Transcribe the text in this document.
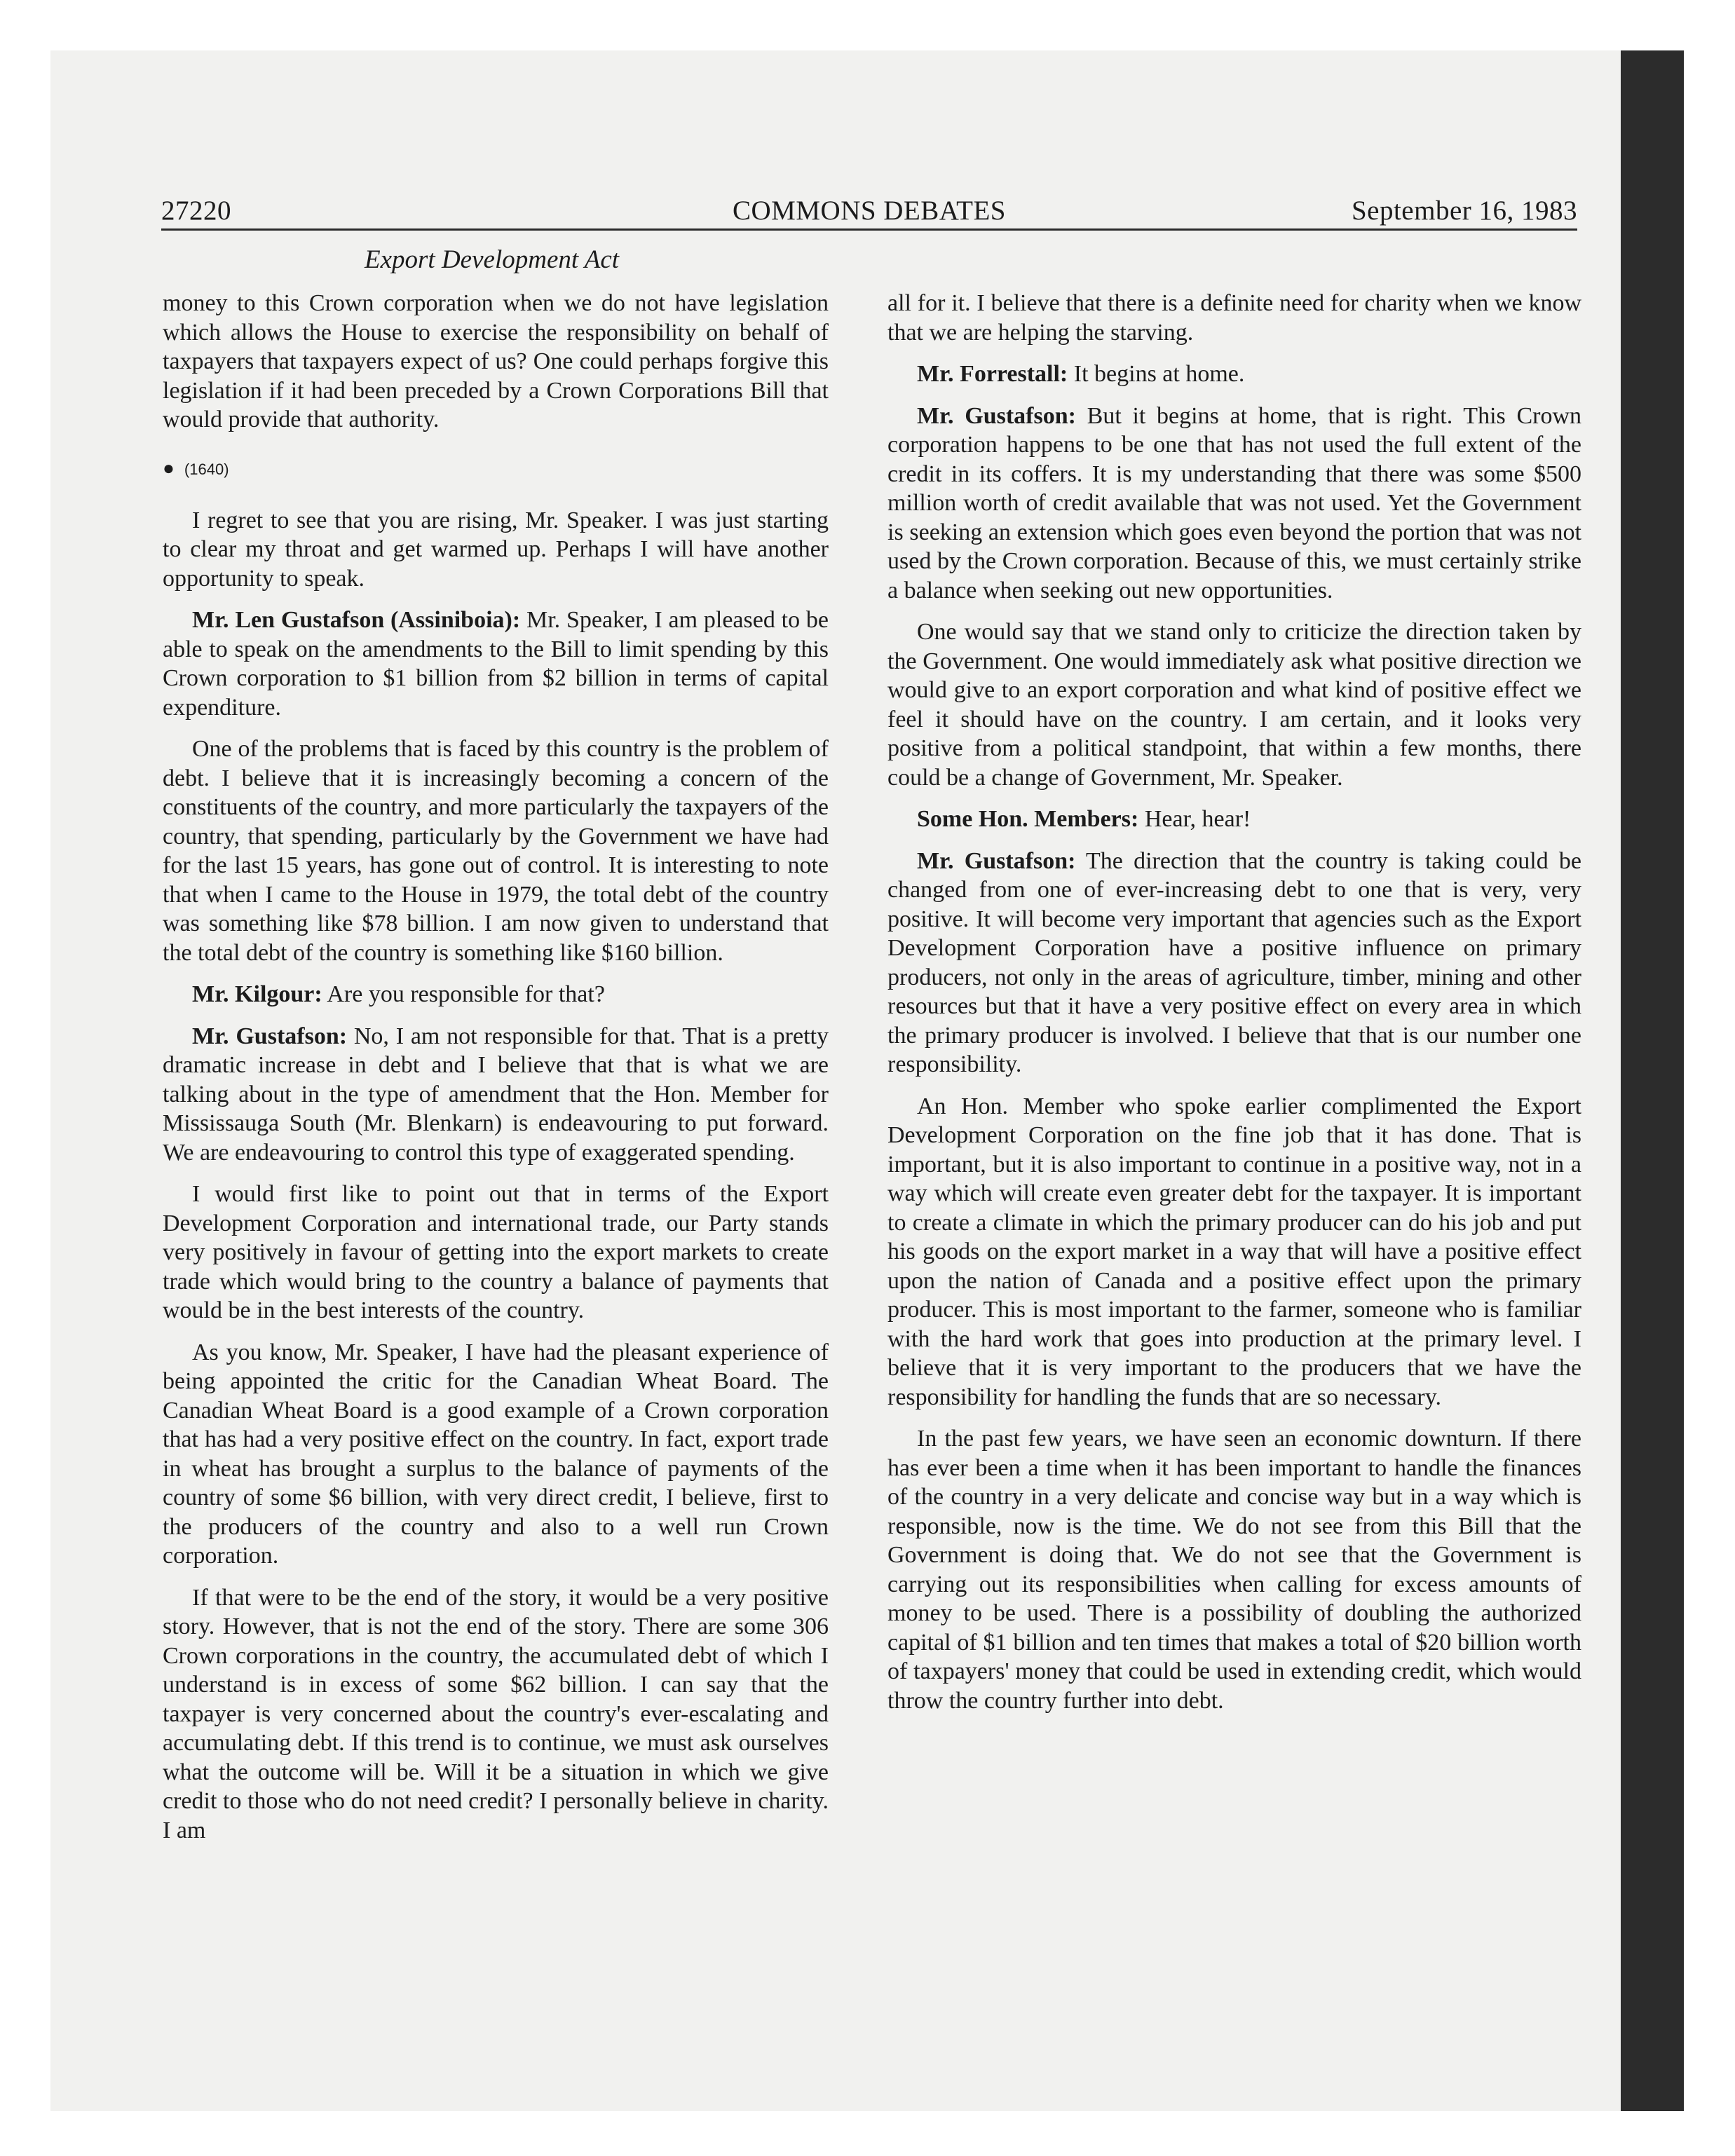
27220	COMMONS DEBATES	September 16, 1983
Export Development Act

money to this Crown corporation when we do not have legislation which allows the House to exercise the responsibility on behalf of taxpayers that taxpayers expect of us? One could perhaps forgive this legislation if it had been preceded by a Crown Corporations Bill that would provide that authority.

● (1640)

I regret to see that you are rising, Mr. Speaker. I was just starting to clear my throat and get warmed up. Perhaps I will have another opportunity to speak.

Mr. Len Gustafson (Assiniboia): Mr. Speaker, I am pleased to be able to speak on the amendments to the Bill to limit spending by this Crown corporation to $1 billion from $2 billion in terms of capital expenditure.

One of the problems that is faced by this country is the problem of debt. I believe that it is increasingly becoming a concern of the constituents of the country, and more particularly the taxpayers of the country, that spending, particularly by the Government we have had for the last 15 years, has gone out of control. It is interesting to note that when I came to the House in 1979, the total debt of the country was something like $78 billion. I am now given to understand that the total debt of the country is something like $160 billion.

Mr. Kilgour: Are you responsible for that?

Mr. Gustafson: No, I am not responsible for that. That is a pretty dramatic increase in debt and I believe that that is what we are talking about in the type of amendment that the Hon. Member for Mississauga South (Mr. Blenkarn) is endeavouring to put forward. We are endeavouring to control this type of exaggerated spending.

I would first like to point out that in terms of the Export Development Corporation and international trade, our Party stands very positively in favour of getting into the export markets to create trade which would bring to the country a balance of payments that would be in the best interests of the country.

As you know, Mr. Speaker, I have had the pleasant experience of being appointed the critic for the Canadian Wheat Board. The Canadian Wheat Board is a good example of a Crown corporation that has had a very positive effect on the country. In fact, export trade in wheat has brought a surplus to the balance of payments of the country of some $6 billion, with very direct credit, I believe, first to the producers of the country and also to a well run Crown corporation.

If that were to be the end of the story, it would be a very positive story. However, that is not the end of the story. There are some 306 Crown corporations in the country, the accumulated debt of which I understand is in excess of some $62 billion. I can say that the taxpayer is very concerned about the country's ever-escalating and accumulating debt. If this trend is to continue, we must ask ourselves what the outcome will be. Will it be a situation in which we give credit to those who do not need credit? I personally believe in charity. I am

all for it. I believe that there is a definite need for charity when we know that we are helping the starving.

Mr. Forrestall: It begins at home.

Mr. Gustafson: But it begins at home, that is right. This Crown corporation happens to be one that has not used the full extent of the credit in its coffers. It is my understanding that there was some $500 million worth of credit available that was not used. Yet the Government is seeking an extension which goes even beyond the portion that was not used by the Crown corporation. Because of this, we must certainly strike a balance when seeking out new opportunities.

One would say that we stand only to criticize the direction taken by the Government. One would immediately ask what positive direction we would give to an export corporation and what kind of positive effect we feel it should have on the country. I am certain, and it looks very positive from a political standpoint, that within a few months, there could be a change of Government, Mr. Speaker.

Some Hon. Members: Hear, hear!

Mr. Gustafson: The direction that the country is taking could be changed from one of ever-increasing debt to one that is very, very positive. It will become very important that agencies such as the Export Development Corporation have a positive influence on primary producers, not only in the areas of agriculture, timber, mining and other resources but that it have a very positive effect on every area in which the primary producer is involved. I believe that that is our number one responsibility.

An Hon. Member who spoke earlier complimented the Export Development Corporation on the fine job that it has done. That is important, but it is also important to continue in a positive way, not in a way which will create even greater debt for the taxpayer. It is important to create a climate in which the primary producer can do his job and put his goods on the export market in a way that will have a positive effect upon the nation of Canada and a positive effect upon the primary producer. This is most important to the farmer, someone who is familiar with the hard work that goes into production at the primary level. I believe that it is very important to the producers that we have the responsibility for handling the funds that are so necessary.

In the past few years, we have seen an economic downturn. If there has ever been a time when it has been important to handle the finances of the country in a very delicate and concise way but in a way which is responsible, now is the time. We do not see from this Bill that the Government is doing that. We do not see that the Government is carrying out its responsibilities when calling for excess amounts of money to be used. There is a possibility of doubling the authorized capital of $1 billion and ten times that makes a total of $20 billion worth of taxpayers' money that could be used in extending credit, which would throw the country further into debt.
